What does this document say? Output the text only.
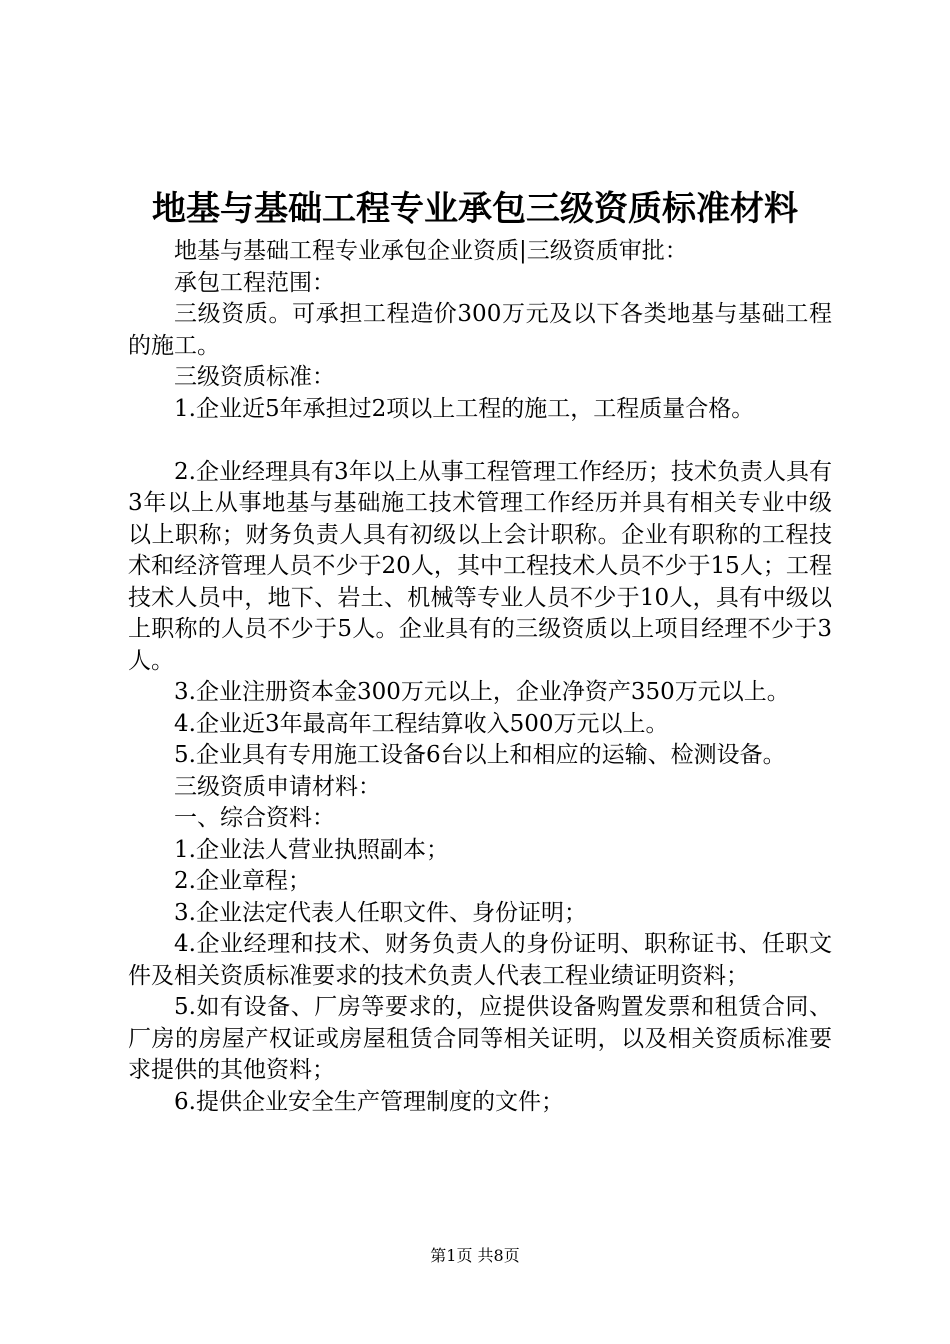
地基与基础工程专业承包三级资质标准材料

地基与基础工程专业承包企业资质|三级资质审批：

承包工程范围：

三级资质。可承担工程造价300万元及以下各类地基与基础工程的施工。

三级资质标准：

1.企业近5年承担过2项以上工程的施工，工程质量合格。

2.企业经理具有3年以上从事工程管理工作经历；技术负责人具有3年以上从事地基与基础施工技术管理工作经历并具有相关专业中级以上职称；财务负责人具有初级以上会计职称。企业有职称的工程技术和经济管理人员不少于20人，其中工程技术人员不少于15人；工程技术人员中，地下、岩土、机械等专业人员不少于10人，具有中级以上职称的人员不少于5人。企业具有的三级资质以上项目经理不少于3人。

3.企业注册资本金300万元以上，企业净资产350万元以上。

4.企业近3年最高年工程结算收入500万元以上。

5.企业具有专用施工设备6台以上和相应的运输、检测设备。

三级资质申请材料：

一、综合资料：

1.企业法人营业执照副本；

2.企业章程；

3.企业法定代表人任职文件、身份证明；

4.企业经理和技术、财务负责人的身份证明、职称证书、任职文件及相关资质标准要求的技术负责人代表工程业绩证明资料；

5.如有设备、厂房等要求的，应提供设备购置发票和租赁合同、厂房的房屋产权证或房屋租赁合同等相关证明，以及相关资质标准要求提供的其他资料；

6.提供企业安全生产管理制度的文件；

第1页 共8页
